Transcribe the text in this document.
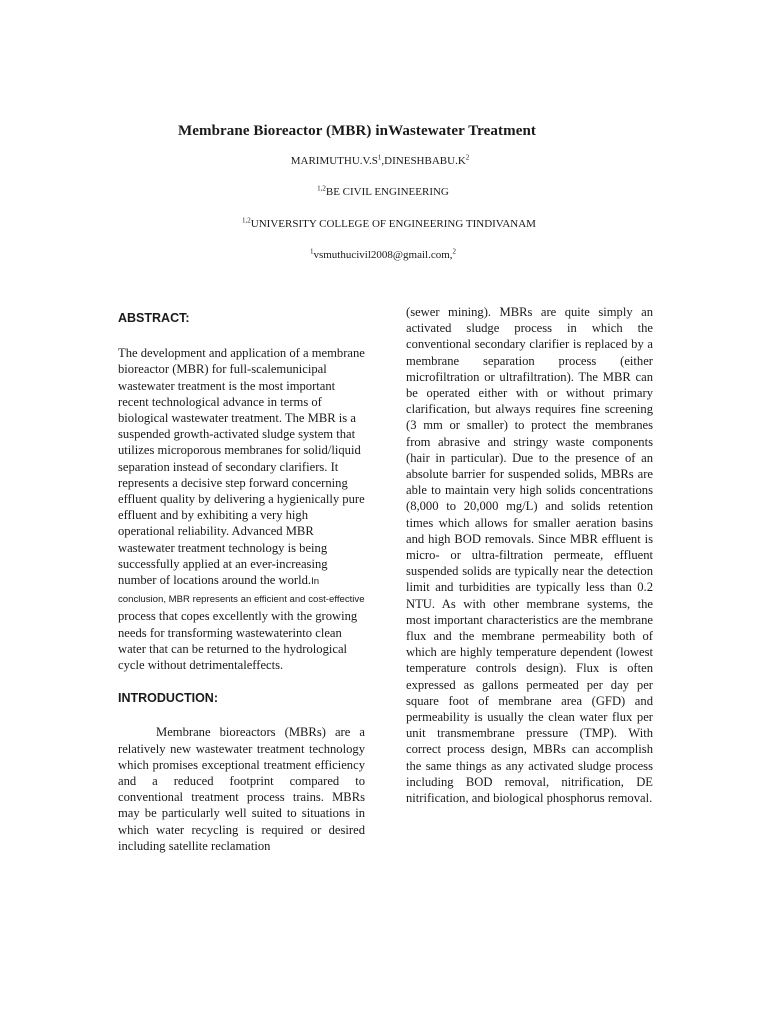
Membrane Bioreactor (MBR) inWastewater Treatment
$MARIMUTHU.V.S^1,DINESHBABU.K^2$
$^{1,2}$BE CIVIL ENGINEERING
$^{1,2}$UNIVERSITY COLLEGE OF ENGINEERING TINDIVANAM
$^1$vsmuthucivil2008@gmail.com,$^2$
ABSTRACT:
The development and application of a membrane bioreactor (MBR) for full-scalemunicipal wastewater treatment is the most important recent technological advance in terms of biological wastewater treatment. The MBR is a suspended growth-activated sludge system that utilizes microporous membranes for solid/liquid separation instead of secondary clarifiers. It represents a decisive step forward concerning effluent quality by delivering a hygienically pure effluent and by exhibiting a very high operational reliability. Advanced MBR wastewater treatment technology is being successfully applied at an ever-increasing number of locations around the world.In conclusion, MBR represents an efficient and cost-effective process that copes excellently with the growing needs for transforming wastewaterinto clean water that can be returned to the hydrological cycle without detrimentaleffects.
INTRODUCTION:
Membrane bioreactors (MBRs) are a relatively new wastewater treatment technology which promises exceptional treatment efficiency and a reduced footprint compared to conventional treatment process trains. MBRs may be particularly well suited to situations in which water recycling is required or desired including satellite reclamation
(sewer mining). MBRs are quite simply an activated sludge process in which the conventional secondary clarifier is replaced by a membrane separation process (either microfiltration or ultrafiltration). The MBR can be operated either with or without primary clarification, but always requires fine screening (3 mm or smaller) to protect the membranes from abrasive and stringy waste components (hair in particular). Due to the presence of an absolute barrier for suspended solids, MBRs are able to maintain very high solids concentrations (8,000 to 20,000 mg/L) and solids retention times which allows for smaller aeration basins and high BOD removals. Since MBR effluent is micro- or ultra-filtration permeate, effluent suspended solids are typically near the detection limit and turbidities are typically less than 0.2 NTU. As with other membrane systems, the most important characteristics are the membrane flux and the membrane permeability both of which are highly temperature dependent (lowest temperature controls design). Flux is often expressed as gallons permeated per day per square foot of membrane area (GFD) and permeability is usually the clean water flux per unit transmembrane pressure (TMP). With correct process design, MBRs can accomplish the same things as any activated sludge process including BOD removal, nitrification, DE nitrification, and biological phosphorus removal.
